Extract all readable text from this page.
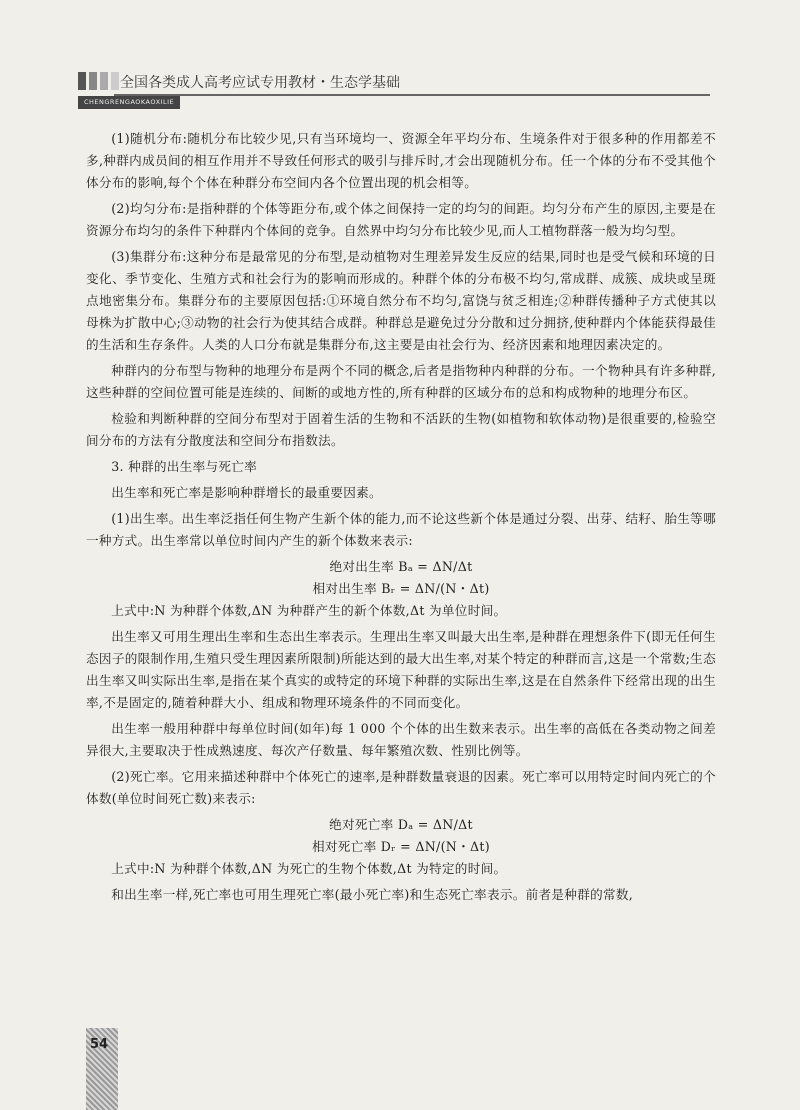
全国各类成人高考应试专用教材・生态学基础
CHENGRENGAOKAOXILIE

(1)随机分布:随机分布比较少见,只有当环境均一、资源全年平均分布、生境条件对于很多种的作用都差不多,种群内成员间的相互作用并不导致任何形式的吸引与排斥时,才会出现随机分布。任一个体的分布不受其他个体分布的影响,每个个体在种群分布空间内各个位置出现的机会相等。

(2)均匀分布:是指种群的个体等距分布,或个体之间保持一定的均匀的间距。均匀分布产生的原因,主要是在资源分布均匀的条件下种群内个体间的竞争。自然界中均匀分布比较少见,而人工植物群落一般为均匀型。

(3)集群分布:这种分布是最常见的分布型,是动植物对生理差异发生反应的结果,同时也是受气候和环境的日变化、季节变化、生殖方式和社会行为的影响而形成的。种群个体的分布极不均匀,常成群、成簇、成块或呈斑点地密集分布。集群分布的主要原因包括:①环境自然分布不均匀,富饶与贫乏相连;②种群传播种子方式使其以母株为扩散中心;③动物的社会行为使其结合成群。种群总是避免过分分散和过分拥挤,使种群内个体能获得最佳的生活和生存条件。人类的人口分布就是集群分布,这主要是由社会行为、经济因素和地理因素决定的。

种群内的分布型与物种的地理分布是两个不同的概念,后者是指物种内种群的分布。一个物种具有许多种群,这些种群的空间位置可能是连续的、间断的或地方性的,所有种群的区域分布的总和构成物种的地理分布区。

检验和判断种群的空间分布型对于固着生活的生物和不活跃的生物(如植物和软体动物)是很重要的,检验空间分布的方法有分散度法和空间分布指数法。

3. 种群的出生率与死亡率

出生率和死亡率是影响种群增长的最重要因素。

(1)出生率。出生率泛指任何生物产生新个体的能力,而不论这些新个体是通过分裂、出芽、结籽、胎生等哪一种方式。出生率常以单位时间内产生的新个体数来表示:

绝对出生率 Bₐ = ΔN/Δt

相对出生率 Bᵣ = ΔN/(N・Δt)

上式中:N 为种群个体数,ΔN 为种群产生的新个体数,Δt 为单位时间。

出生率又可用生理出生率和生态出生率表示。生理出生率又叫最大出生率,是种群在理想条件下(即无任何生态因子的限制作用,生殖只受生理因素所限制)所能达到的最大出生率,对某个特定的种群而言,这是一个常数;生态出生率又叫实际出生率,是指在某个真实的或特定的环境下种群的实际出生率,这是在自然条件下经常出现的出生率,不是固定的,随着种群大小、组成和物理环境条件的不同而变化。

出生率一般用种群中每单位时间(如年)每 1 000 个个体的出生数来表示。出生率的高低在各类动物之间差异很大,主要取决于性成熟速度、每次产仔数量、每年繁殖次数、性别比例等。

(2)死亡率。它用来描述种群中个体死亡的速率,是种群数量衰退的因素。死亡率可以用特定时间内死亡的个体数(单位时间死亡数)来表示:

绝对死亡率 Dₐ = ΔN/Δt

相对死亡率 Dᵣ = ΔN/(N・Δt)

上式中:N 为种群个体数,ΔN 为死亡的生物个体数,Δt 为特定的时间。

和出生率一样,死亡率也可用生理死亡率(最小死亡率)和生态死亡率表示。前者是种群的常数,

54
